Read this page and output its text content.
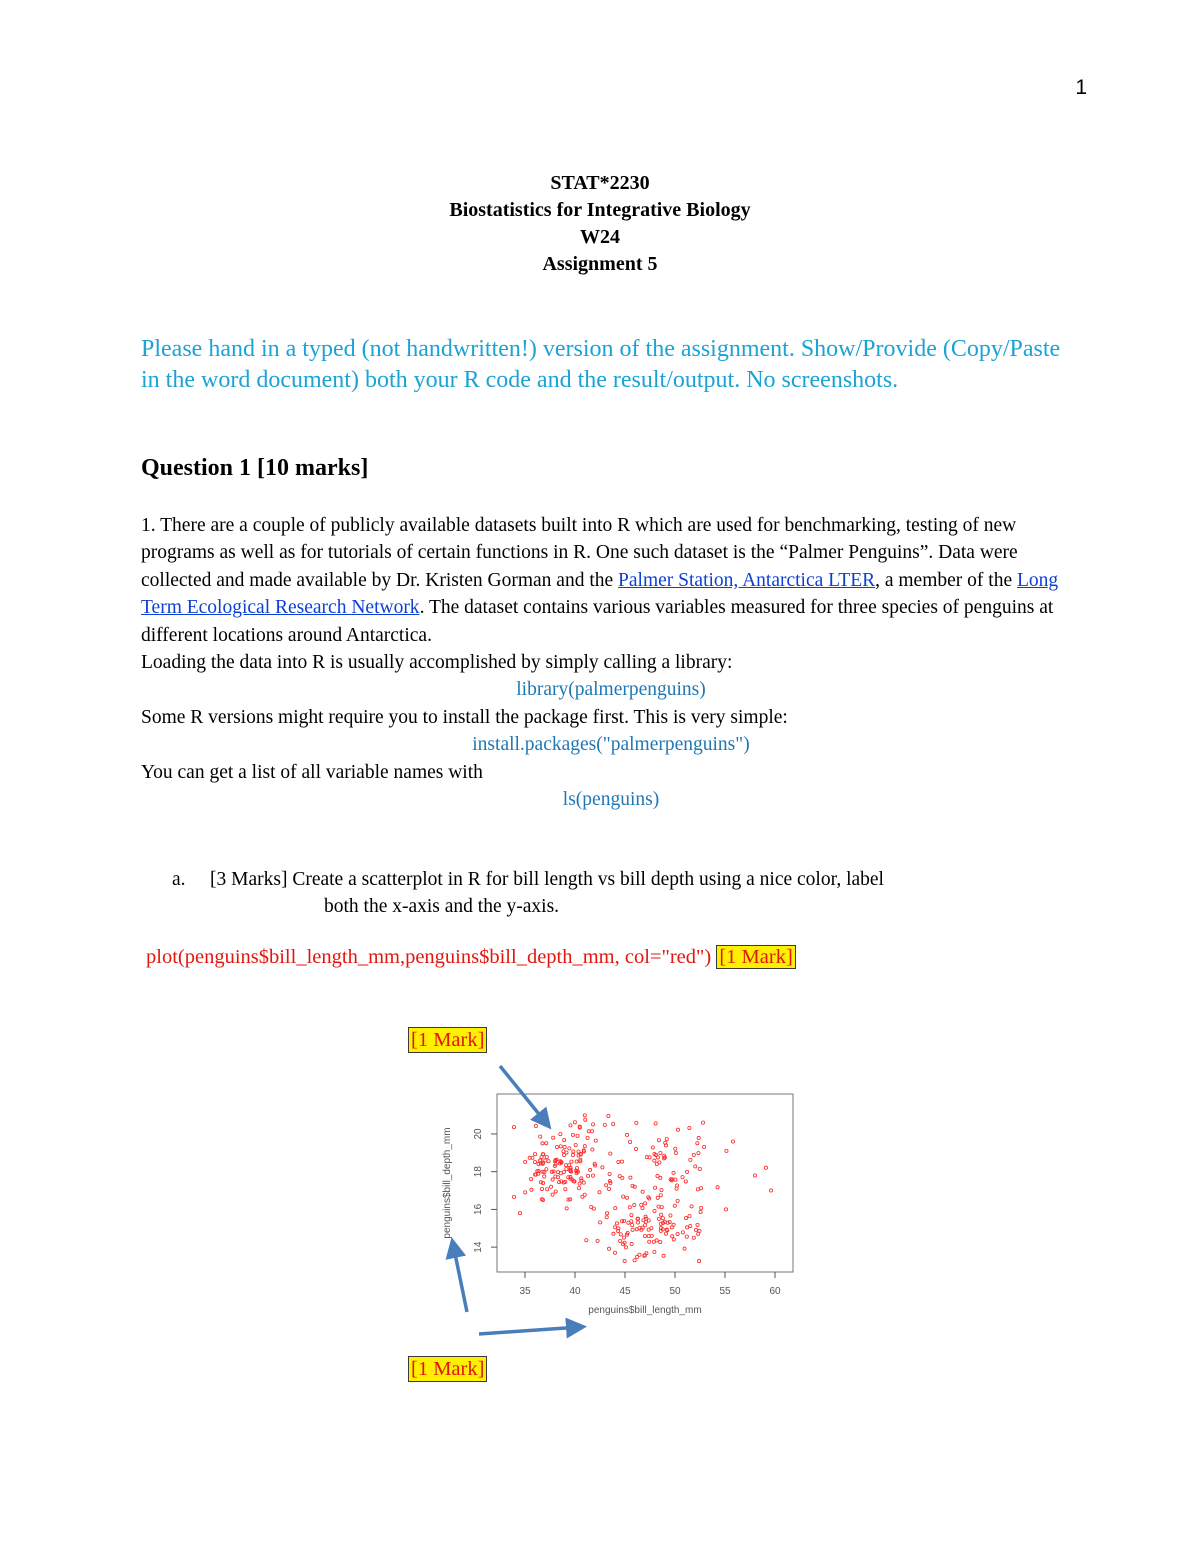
1
STAT*2230
Biostatistics for Integrative Biology
W24
Assignment 5
Please hand in a typed (not handwritten!) version of the assignment. Show/Provide (Copy/Paste in the word document) both your R code and the result/output. No screenshots.
Question 1 [10 marks]

1. There are a couple of publicly available datasets built into R which are used for benchmarking, testing of new programs as well as for tutorials of certain functions in R. One such dataset is the “Palmer Penguins”. Data were collected and made available by Dr. Kristen Gorman and the Palmer Station, Antarctica LTER, a member of the Long Term Ecological Research Network. The dataset contains various variables measured for three species of penguins at different locations around Antarctica.

Loading the data into R is usually accomplished by simply calling a library:

library(palmerpenguins)

Some R versions might require you to install the package first. This is very simple:

install.packages("palmerpenguins")

You can get a list of all variable names with

ls(penguins)

a. [3 Marks] Create a scatterplot in R for bill length vs bill depth using a nice color, label
both the x-axis and the y-axis.
plot(penguins$bill_length_mm,penguins$bill_depth_mm, col="red") [1 Mark]
[1 Mark]
[1 Mark]
35	40	45	50	55	60
14
16
18
20
penguins$bill_length_mm
penguins$bill_depth_mm
